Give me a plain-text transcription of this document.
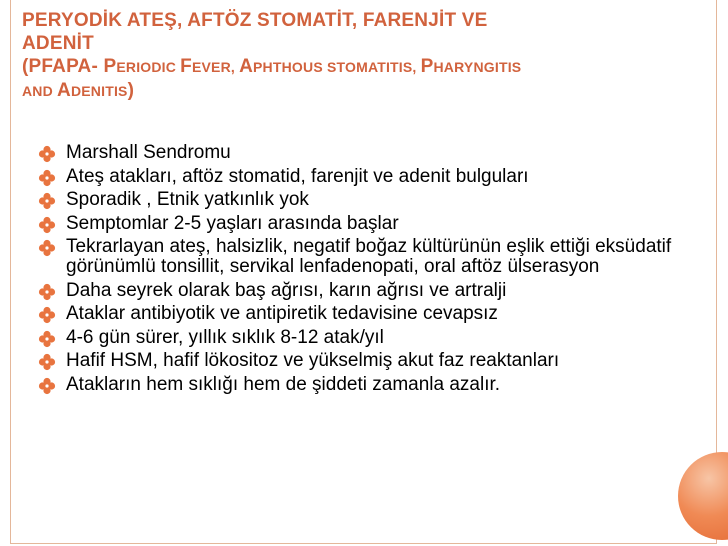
PERYODİK ATEŞ, AFTÖZ STOMATİT, FARENJİT VE
ADENİT
(PFAPA- PERIODIC FEVER, APHTHOUS STOMATITIS, PHARYNGITIS
AND ADENITIS)
Marshall Sendromu
Ateş atakları, aftöz stomatid, farenjit ve adenit bulguları
Sporadik , Etnik yatkınlık yok
Semptomlar 2-5 yaşları arasında başlar
Tekrarlayan ateş, halsizlik, negatif boğaz kültürünün eşlik ettiği eksüdatif görünümlü tonsillit, servikal lenfadenopati, oral aftöz ülserasyon
Daha seyrek olarak baş ağrısı, karın ağrısı ve artralji
Ataklar antibiyotik ve antipiretik tedavisine cevapsız
4-6 gün sürer, yıllık sıklık 8-12 atak/yıl
Hafif HSM, hafif lökositoz ve yükselmiş akut faz reaktanları
Atakların hem sıklığı hem de şiddeti zamanla azalır.
